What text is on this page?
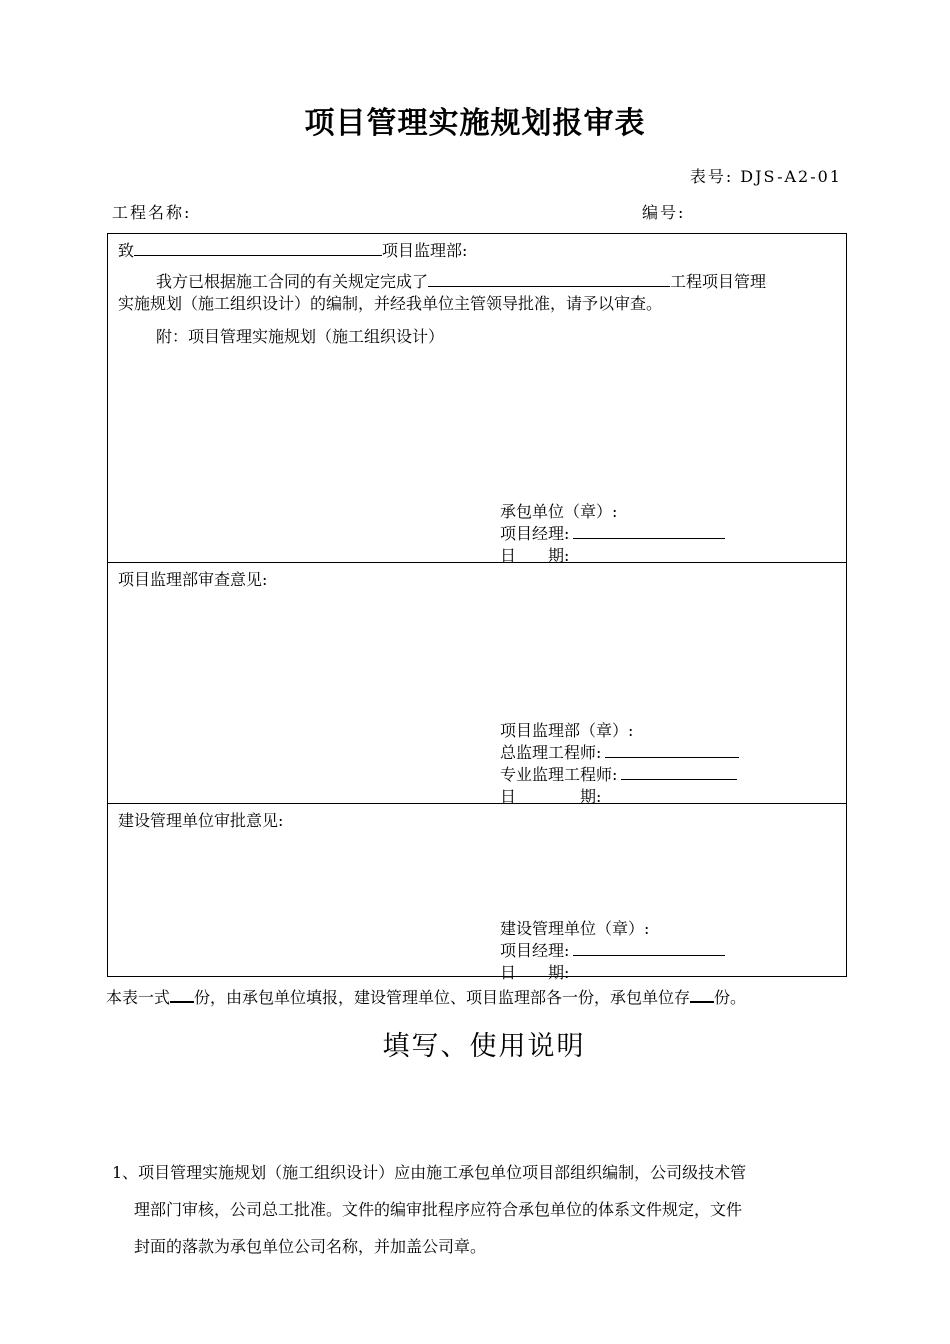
项目管理实施规划报审表
表号: DJS-A2-01
工程名称:	编号:
致	项目监理部:
我方已根据施工合同的有关规定完成了	工程项目管理
实施规划（施工组织设计）的编制，并经我单位主管领导批准，请予以审查。
附：项目管理实施规划（施工组织设计）
承包单位（章）:
项目经理:
日　　期:
项目监理部审查意见:
项目监理部（章）:
总监理工程师:
专业监理工程师:
日　　　　期:
建设管理单位审批意见:
建设管理单位（章）:
项目经理:
日　　期:
本表一式 份，由承包单位填报，建设管理单位、项目监理部各一份，承包单位存 份。
填写、使用说明

1、项目管理实施规划（施工组织设计）应由施工承包单位项目部组织编制，公司级技术管

理部门审核，公司总工批准。文件的编审批程序应符合承包单位的体系文件规定，文件

封面的落款为承包单位公司名称，并加盖公司章。
